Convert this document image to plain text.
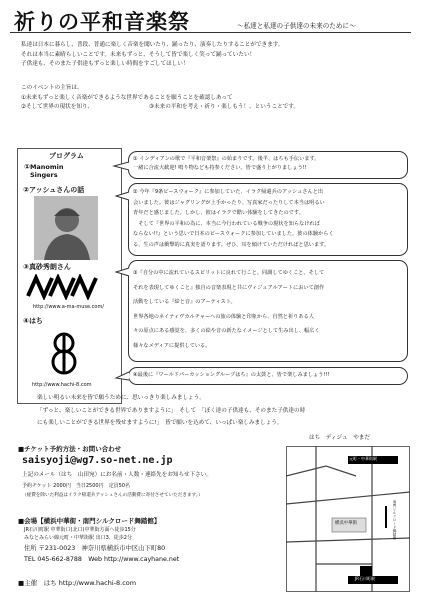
祈りの平和音楽祭	～私達と私達の子供達の未来のために～
私達は日本に暮らし、普段、普通に楽しく音楽を聞いたり、踊ったり、演奏したりすることができます。
それは本当に素晴らしいことです。未来もずっと、そうして皆で楽しく笑って踊っていたい！
子供達も、そのまた子供達もずっと楽しい時間をすごしてほしい！
このイベントの主旨は、
①未来もずっと楽しく音楽ができるような世界であることを願うことを確認しあって
②そして世界の現状を知り、	③未来の平和を考え・祈り・楽しもう！、ということです。
プログラム
①Manomin Singers
②アッシュさんの話
③真砂秀朗さん
http://www.a-ma-muse.com/
④はち
http://www.hachi-8.com
① インディアンの歌で『平和音楽祭』の始まりです。後半、はちも手伝います。
一緒に合流大歓迎! 鳴り物なども持参ください。皆で盛り上がりましょう!!
② 今年『9条ピースウォーク』に参加していた、イラク帰還兵のアッシュさんと出
会いました。彼はジャグリングが上手かったり、写真家だったりして本当は明るい
青年だと感じました。しかし、彼はイラクで酷い体験をしてきたのです。
　そして『世界の平和の為に、本当に今行われている戦争の現状を知らなければ
ならない!!』という思いで日本のピースウォークに参加していました。彼の体験からく
る、生の声は衝撃的に真実を語ります。ぜひ、耳を傾けていただければと思います。
③『自分の中に流れているスピリットに良れて行こと。同調してゆくこと。そして
それを表現してゆくこと』独自の音楽表現と共にヴィジュアルアートにおいて創作
活動をしている『絵と音』のアーティスト。
世界各地のネイティヴカルチャーへの旅の体験と印象から、自然と祈りある人
々の原点にある感覚を、多くの絵や音の新たなイメージとして生み出し、幅広く
様々なメディアに提供している。
④最後に『ワールドパーカッショングループはち』の太鼓と、皆で楽しみましょう!!!
楽しい明るい未来を皆で願うために、思いっきり楽しみましょう。
「ずっと、楽しいことができる世界でありますように」　そして　「ぼく達の子供達も、そのまた子供達の時
にも楽しいことができる世界を残せますように!」　皆で願いを込めて、いっぱい楽しみましょう。
はち　ディジュ　やまだ
■チケット予約方法・お問い合わせ
saisyoji@wg7.so-net.ne.jp
上記のメール（はち　山田宛）にお名前・人数・連絡先をお知らせ下さい。
予約チケット 2000円　当日2500円　定員50名
（経費を除いた利益はイラク帰還兵アッシュさんの活動費に寄付させていただきます。）
■会場【横浜中華街・南門シルクロード舞踏館】
JR石川町駅 中華街口(北口)中華街方面へ徒歩15分
みなとみらい線元町・中華街駅 出口3、徒歩2分
住所 〒231-0023　神奈川県横浜市中区山下町80
TEL 045-662-8788　Web http://www.cayhane.net
■主催　はち http://www.hachi-8.com
元町・中華街駅
横浜中華街	南門シルクロード舞踏館
JR石川町駅
